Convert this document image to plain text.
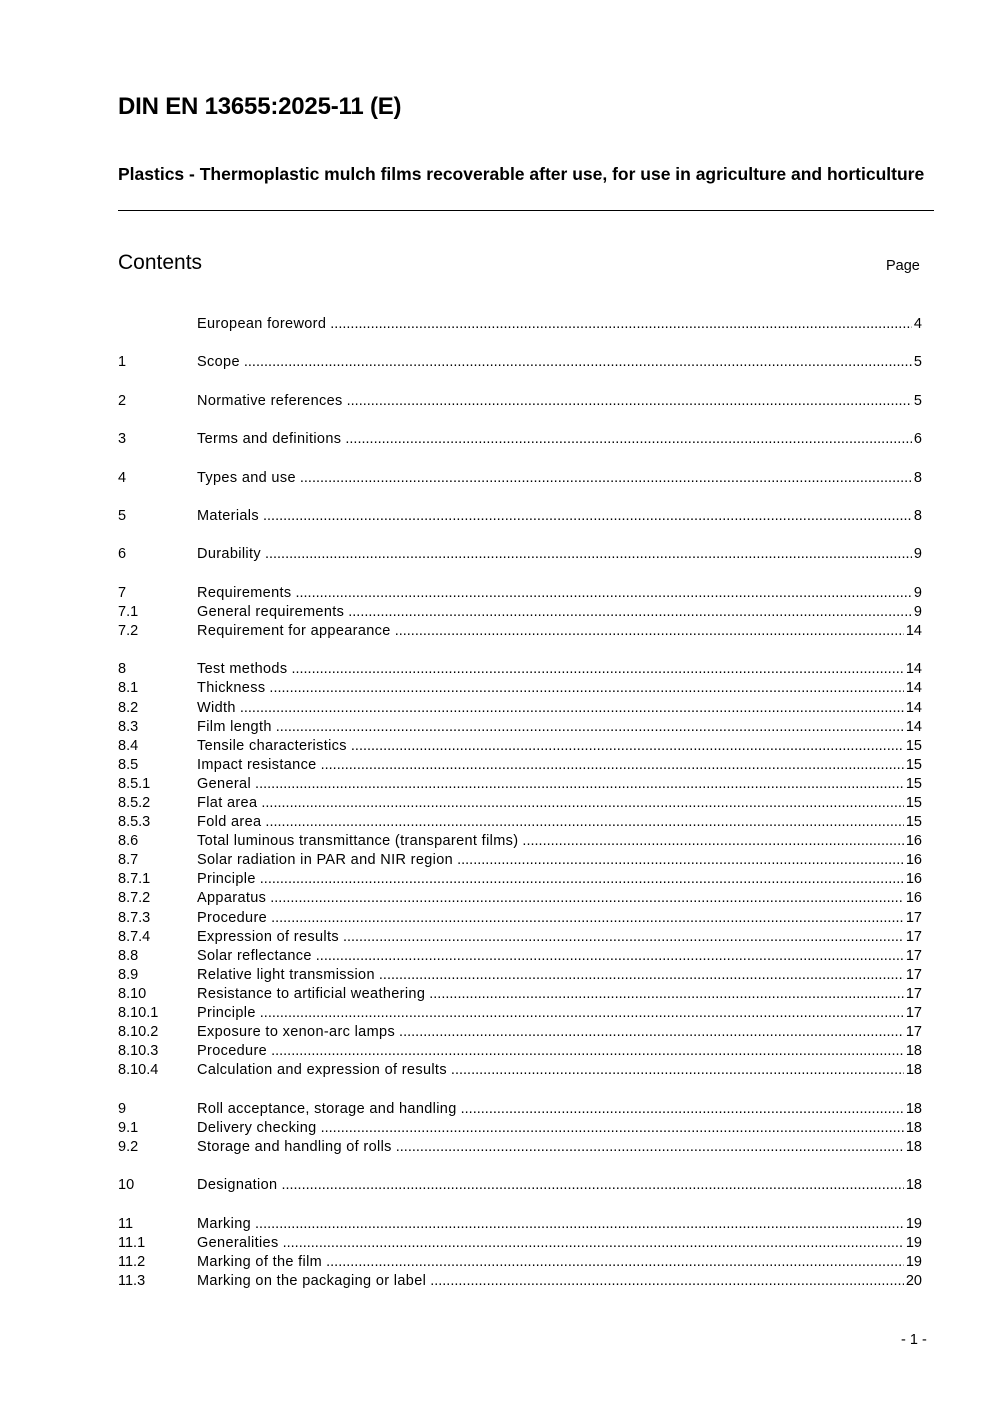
DIN EN 13655:2025-11 (E)
Plastics - Thermoplastic mulch films recoverable after use, for use in agriculture and horticulture
Contents	Page
European foreword .....	4
1	Scope .....	5
2	Normative references .....	5
3	Terms and definitions .....	6
4	Types and use .....	8
5	Materials .....	8
6	Durability .....	9
7	Requirements .....	9
7.1	General requirements .....	9
7.2	Requirement for appearance .....	14
8	Test methods .....	14
8.1	Thickness .....	14
8.2	Width .....	14
8.3	Film length .....	14
8.4	Tensile characteristics .....	15
8.5	Impact resistance .....	15
8.5.1	General .....	15
8.5.2	Flat area .....	15
8.5.3	Fold area .....	15
8.6	Total luminous transmittance (transparent films) .....	16
8.7	Solar radiation in PAR and NIR region .....	16
8.7.1	Principle .....	16
8.7.2	Apparatus .....	16
8.7.3	Procedure .....	17
8.7.4	Expression of results .....	17
8.8	Solar reflectance .....	17
8.9	Relative light transmission .....	17
8.10	Resistance to artificial weathering .....	17
8.10.1	Principle .....	17
8.10.2	Exposure to xenon-arc lamps .....	17
8.10.3	Procedure .....	18
8.10.4	Calculation and expression of results .....	18
9	Roll acceptance, storage and handling .....	18
9.1	Delivery checking .....	18
9.2	Storage and handling of rolls .....	18
10	Designation .....	18
11	Marking .....	19
11.1	Generalities .....	19
11.2	Marking of the film .....	19
11.3	Marking on the packaging or label .....	20
- 1 -
